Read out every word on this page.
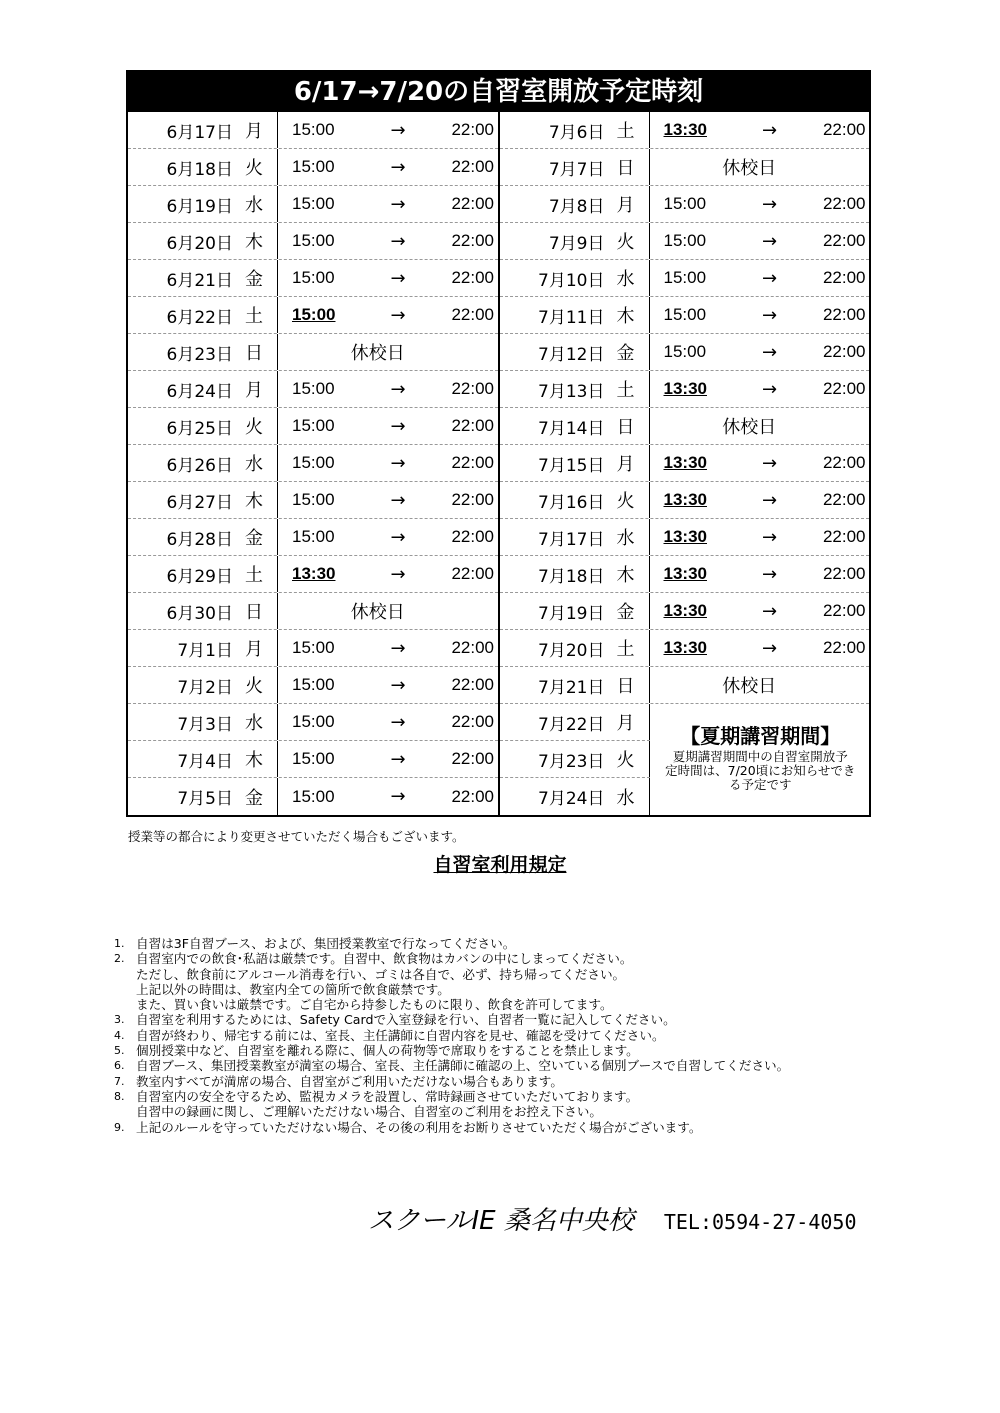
6/17→7/20の自習室開放予定時刻
6月17日 月 15:00	→	22:00
6月18日 火 15:00	→	22:00
6月19日 水 15:00	→	22:00
6月20日 木 15:00	→	22:00
6月21日 金 15:00	→	22:00
6月22日 土 15:00	→	22:00
6月23日 日	休校日
6月24日 月 15:00	→	22:00
6月25日 火 15:00	→	22:00
6月26日 水 15:00	→	22:00
6月27日 木 15:00	→	22:00
6月28日 金 15:00	→	22:00
6月29日 土 13:30	→	22:00
6月30日 日	休校日
7月1日 月 15:00	→	22:00
7月2日 火 15:00	→	22:00
7月3日 水 15:00	→	22:00
7月4日 木 15:00	→	22:00
7月5日 金 15:00	→	22:00
7月6日 土 13:30	→	22:00
7月7日 日	休校日
7月8日 月 15:00	→	22:00
7月9日 火 15:00	→	22:00
7月10日 水 15:00	→	22:00
7月11日 木 15:00	→	22:00
7月12日 金 15:00	→	22:00
7月13日 土 13:30	→	22:00
7月14日 日	休校日
7月15日 月 13:30	→	22:00
7月16日 火 13:30	→	22:00
7月17日 水 13:30	→	22:00
7月18日 木 13:30	→	22:00
7月19日 金 13:30	→	22:00
7月20日 土 13:30	→	22:00
7月21日 日	休校日
7月22日 月
7月23日 火
7月24日 水
【夏期講習期間】
夏期講習期間中の自習室開放予
定時間は、7/20頃にお知らせでき
る予定です
授業等の都合により変更させていただく場合もございます。
自習室利用規定
1. 自習は3F自習ブース、および、集団授業教室で行なってください。
2. 自習室内での飲食･私語は厳禁です。自習中、飲食物はカバンの中にしまってください。
ただし、飲食前にアルコール消毒を行い、ゴミは各自で、必ず、持ち帰ってください。
上記以外の時間は、教室内全ての箇所で飲食厳禁です。
また、買い食いは厳禁です。ご自宅から持参したものに限り、飲食を許可してます。
3. 自習室を利用するためには、Safety Cardで入室登録を行い、自習者一覧に記入してください。
4. 自習が終わり、帰宅する前には、室長、主任講師に自習内容を見せ、確認を受けてください。
5. 個別授業中など、自習室を離れる際に、個人の荷物等で席取りをすることを禁止します。
6. 自習ブース、集団授業教室が満室の場合、室長、主任講師に確認の上、空いている個別ブースで自習してください。
7. 教室内すべてが満席の場合、自習室がご利用いただけない場合もあります。
8. 自習室内の安全を守るため、監視カメラを設置し、常時録画させていただいております。
自習中の録画に関し、ご理解いただけない場合、自習室のご利用をお控え下さい。
9. 上記のルールを守っていただけない場合、その後の利用をお断りさせていただく場合がございます。
スクールIE 桑名中央校 TEL:0594-27-4050
